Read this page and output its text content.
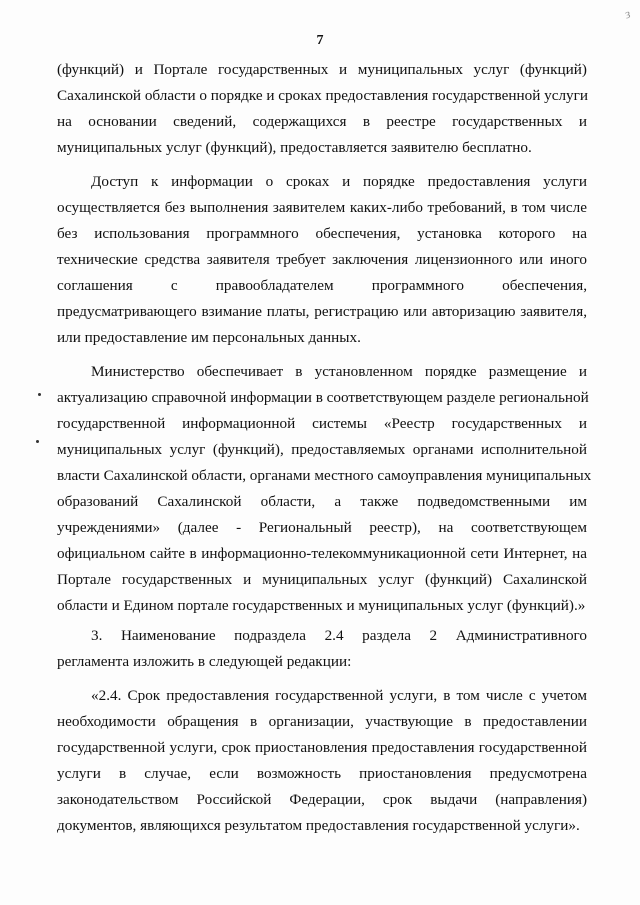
7
з
(функций) и Портале государственных и муниципальных услуг (функций)
Сахалинской области о порядке и сроках предоставления государственной услуги
на основании сведений, содержащихся в реестре государственных и
муниципальных услуг (функций), предоставляется заявителю бесплатно.
Доступ к информации о сроках и порядке предоставления услуги
осуществляется без выполнения заявителем каких-либо требований, в том числе
без использования программного обеспечения, установка которого на
технические средства заявителя требует заключения лицензионного или иного
соглашения с правообладателем программного обеспечения,
предусматривающего взимание платы, регистрацию или авторизацию заявителя,
или предоставление им персональных данных.
Министерство обеспечивает в установленном порядке размещение и
актуализацию справочной информации в соответствующем разделе региональной
государственной информационной системы «Реестр государственных и
муниципальных услуг (функций), предоставляемых органами исполнительной
власти Сахалинской области, органами местного самоуправления муниципальных
образований Сахалинской области, а также подведомственными им
учреждениями» (далее - Региональный реестр), на соответствующем
официальном сайте в информационно-телекоммуникационной сети Интернет, на
Портале государственных и муниципальных услуг (функций) Сахалинской
области и Едином портале государственных и муниципальных услуг (функций).»
3. Наименование подраздела 2.4 раздела 2 Административного
регламента изложить в следующей редакции:
«2.4. Срок предоставления государственной услуги, в том числе с учетом
необходимости обращения в организации, участвующие в предоставлении
государственной услуги, срок приостановления предоставления государственной
услуги в случае, если возможность приостановления предусмотрена
законодательством Российской Федерации, срок выдачи (направления)
документов, являющихся результатом предоставления государственной услуги».
